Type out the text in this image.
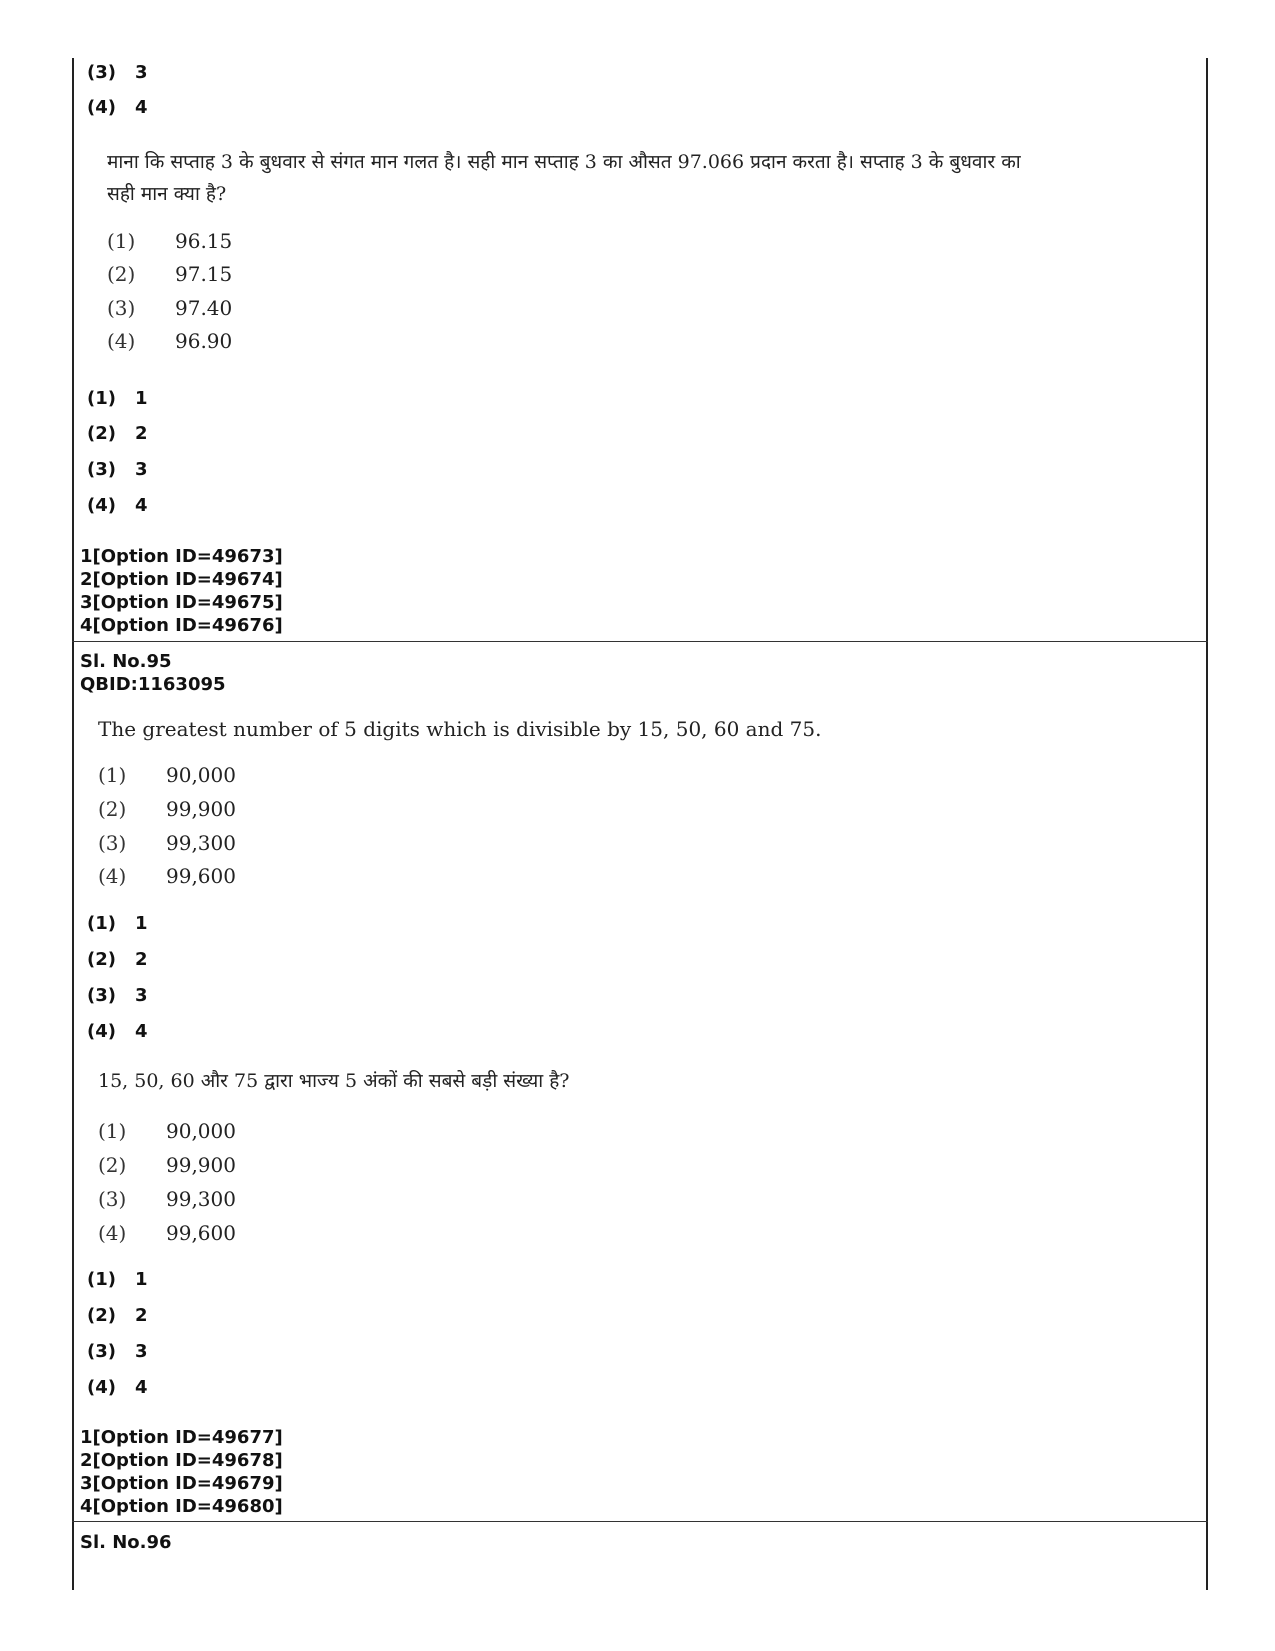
(3) 3
(4) 4
माना कि सप्ताह 3 के बुधवार से संगत मान गलत है। सही मान सप्ताह 3 का औसत 97.066 प्रदान करता है। सप्ताह 3 के बुधवार का सही मान क्या है?
(1) 96.15
(2) 97.15
(3) 97.40
(4) 96.90
(1) 1
(2) 2
(3) 3
(4) 4
1[Option ID=49673]
2[Option ID=49674]
3[Option ID=49675]
4[Option ID=49676]
Sl. No.95
QBID:1163095
The greatest number of 5 digits which is divisible by 15, 50, 60 and 75.
(1) 90,000
(2) 99,900
(3) 99,300
(4) 99,600
(1) 1
(2) 2
(3) 3
(4) 4
15, 50, 60 और 75 द्वारा भाज्य 5 अंकों की सबसे बड़ी संख्या है?
(1) 90,000
(2) 99,900
(3) 99,300
(4) 99,600
(1) 1
(2) 2
(3) 3
(4) 4
1[Option ID=49677]
2[Option ID=49678]
3[Option ID=49679]
4[Option ID=49680]
Sl. No.96
